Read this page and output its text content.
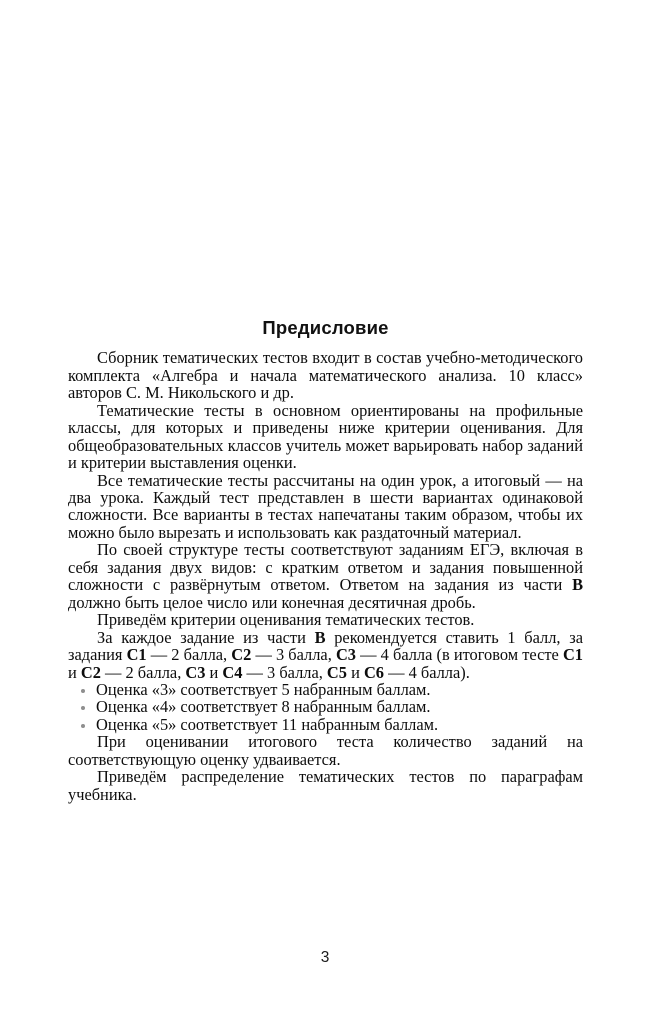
Предисловие

Сборник тематических тестов входит в состав учебно-методического комплекта «Алгебра и начала математического анализа. 10 класс» авторов С. М. Никольского и др.

Тематические тесты в основном ориентированы на профильные классы, для которых и приведены ниже критерии оценивания. Для общеобразовательных классов учитель может варьировать набор заданий и критерии выставления оценки.

Все тематические тесты рассчитаны на один урок, а итоговый — на два урока. Каждый тест представлен в шести вариантах одинаковой сложности. Все варианты в тестах напечатаны таким образом, чтобы их можно было вырезать и использовать как раздаточный материал.

По своей структуре тесты соответствуют заданиям ЕГЭ, включая в себя задания двух видов: с кратким ответом и задания повышенной сложности с развёрнутым ответом. Ответом на задания из части В должно быть целое число или конечная десятичная дробь.

Приведём критерии оценивания тематических тестов.

За каждое задание из части В рекомендуется ставить 1 балл, за задания С1 — 2 балла, С2 — 3 балла, С3 — 4 балла (в итоговом тесте С1 и С2 — 2 балла, С3 и С4 — 3 балла, С5 и С6 — 4 балла).

Оценка «3» соответствует 5 набранным баллам.
Оценка «4» соответствует 8 набранным баллам.
Оценка «5» соответствует 11 набранным баллам.

При оценивании итогового теста количество заданий на соответствующую оценку удваивается.

Приведём распределение тематических тестов по параграфам учебника.

3
